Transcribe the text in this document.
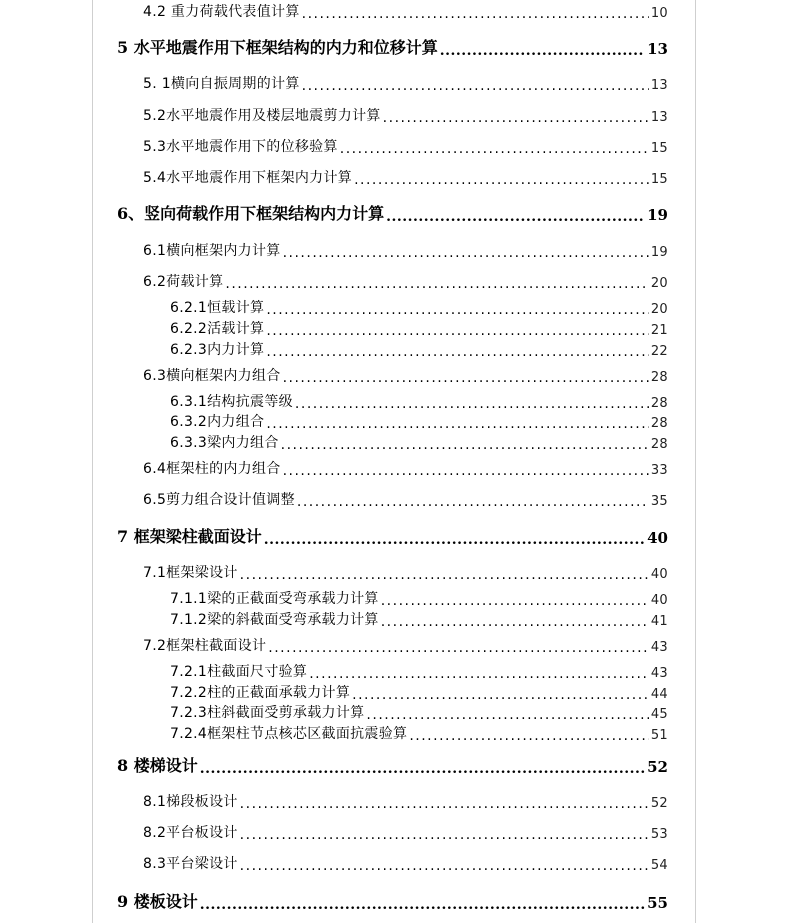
4.2 重力荷载代表值计算 .....	10
5 水平地震作用下框架结构的内力和位移计算 .....	13
5. 1横向自振周期的计算 .....	13
5.2水平地震作用及楼层地震剪力计算 .....	13
5.3水平地震作用下的位移验算 .....	15
5.4水平地震作用下框架内力计算 .....	15
6、竖向荷载作用下框架结构内力计算 .....	19
6.1横向框架内力计算 .....	19
6.2荷载计算 .....	20
6.2.1恒载计算 .....	20
6.2.2活载计算 .....	21
6.2.3内力计算 .....	22
6.3横向框架内力组合 .....	28
6.3.1结构抗震等级 .....	28
6.3.2内力组合 .....	28
6.3.3梁内力组合 .....	28
6.4框架柱的内力组合 .....	33
6.5剪力组合设计值调整 .....	35
7 框架梁柱截面设计 .....	40
7.1框架梁设计 .....	40
7.1.1梁的正截面受弯承载力计算 .....	40
7.1.2梁的斜截面受弯承载力计算 .....	41
7.2框架柱截面设计 .....	43
7.2.1柱截面尺寸验算 .....	43
7.2.2柱的正截面承载力计算 .....	44
7.2.3柱斜截面受剪承载力计算 .....	45
7.2.4框架柱节点核芯区截面抗震验算 .....	51
8 楼梯设计 .....	52
8.1梯段板设计 .....	52
8.2平台板设计 .....	53
8.3平台梁设计 .....	54
9 楼板设计 .....	55
